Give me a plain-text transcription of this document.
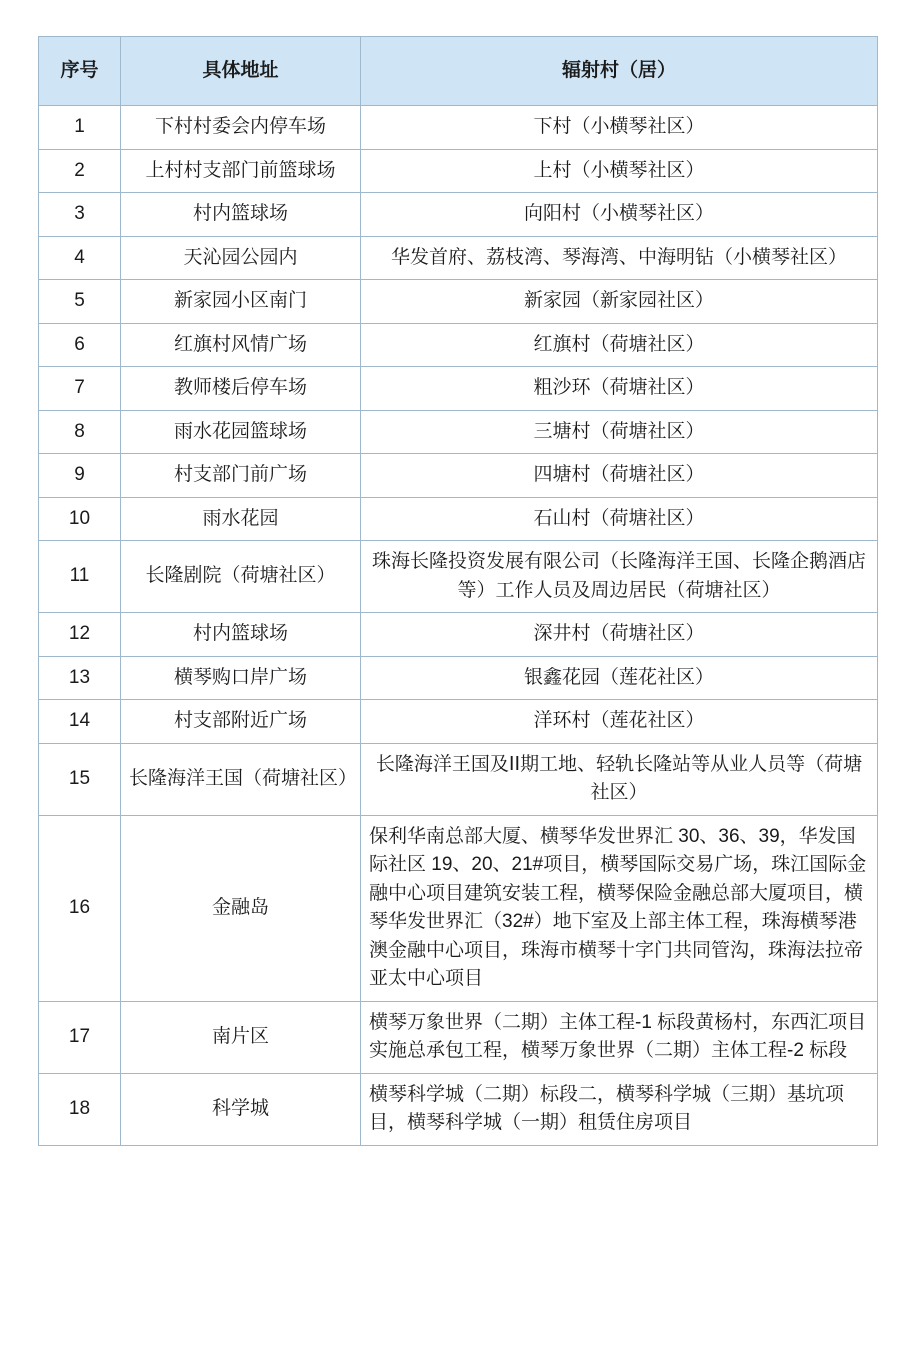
序号	具体地址	辐射村（居）
1	下村村委会内停车场	下村（小横琴社区）
2	上村村支部门前篮球场	上村（小横琴社区）
3	村内篮球场	向阳村（小横琴社区）
4	天沁园公园内	华发首府、荔枝湾、琴海湾、中海明钻（小横琴社区）
5	新家园小区南门	新家园（新家园社区）
6	红旗村风情广场	红旗村（荷塘社区）
7	教师楼后停车场	粗沙环（荷塘社区）
8	雨水花园篮球场	三塘村（荷塘社区）
9	村支部门前广场	四塘村（荷塘社区）
10	雨水花园	石山村（荷塘社区）
11	长隆剧院（荷塘社区）	珠海长隆投资发展有限公司（长隆海洋王国、长隆企鹅酒店等）工作人员及周边居民（荷塘社区）
12	村内篮球场	深井村（荷塘社区）
13	横琴购口岸广场	银鑫花园（莲花社区）
14	村支部附近广场	洋环村（莲花社区）
15	长隆海洋王国（荷塘社区）	长隆海洋王国及ⅠⅠ期工地、轻轨长隆站等从业人员等（荷塘社区）
16	金融岛	保利华南总部大厦、横琴华发世界汇 30、36、39，华发国际社区 19、20、21#项目，横琴国际交易广场，珠江国际金融中心项目建筑安装工程，横琴保险金融总部大厦项目，横琴华发世界汇（32#）地下室及上部主体工程，珠海横琴港澳金融中心项目，珠海市横琴十字门共同管沟，珠海法拉帝亚太中心项目
17	南片区	横琴万象世界（二期）主体工程-1 标段黄杨村，东西汇项目实施总承包工程，横琴万象世界（二期）主体工程-2 标段
18	科学城	横琴科学城（二期）标段二，横琴科学城（三期）基坑项目，横琴科学城（一期）租赁住房项目
